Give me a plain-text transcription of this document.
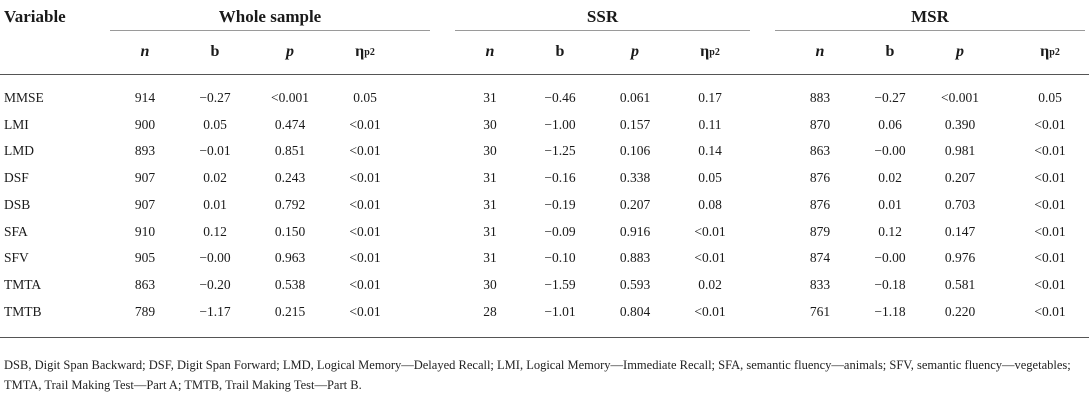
Variable	Whole sample	SSR	MSR
n	b	p	η p 2	n	b	p	η p 2	n	b	p	η p 2
MMSE	914	−0.27	<0.001	0.05	31	−0.46	0.061	0.17	883	−0.27	<0.001	0.05
LMI	900	0.05	0.474	<0.01	30	−1.00	0.157	0.11	870	0.06	0.390	<0.01
LMD	893	−0.01	0.851	<0.01	30	−1.25	0.106	0.14	863	−0.00	0.981	<0.01
DSF	907	0.02	0.243	<0.01	31	−0.16	0.338	0.05	876	0.02	0.207	<0.01
DSB	907	0.01	0.792	<0.01	31	−0.19	0.207	0.08	876	0.01	0.703	<0.01
SFA	910	0.12	0.150	<0.01	31	−0.09	0.916	<0.01	879	0.12	0.147	<0.01
SFV	905	−0.00	0.963	<0.01	31	−0.10	0.883	<0.01	874	−0.00	0.976	<0.01
TMTA	863	−0.20	0.538	<0.01	30	−1.59	0.593	0.02	833	−0.18	0.581	<0.01
TMTB	789	−1.17	0.215	<0.01	28	−1.01	0.804	<0.01	761	−1.18	0.220	<0.01
DSB, Digit Span Backward; DSF, Digit Span Forward; LMD, Logical Memory—Delayed Recall; LMI, Logical Memory—Immediate Recall; SFA, semantic fluency—animals; SFV, semantic fluency—vegetables; TMTA, Trail Making Test—Part A; TMTB, Trail Making Test—Part B.
